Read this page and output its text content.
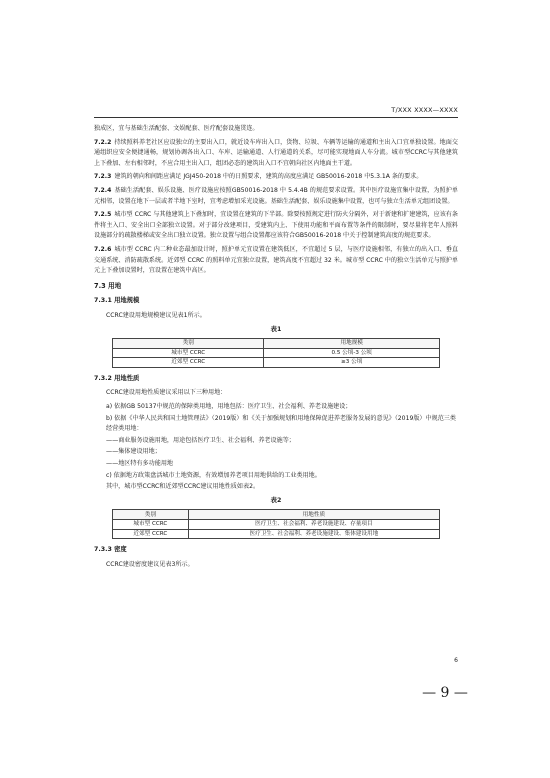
T/XXX XXXX—XXXX

独成区，宜与基础生活配套、文娱配套、医疗配套设施贯连。

7.2.2 持续照料养老社区应设独立的主要出入口，就近设车库出入口，货物、垃圾、车辆等运输的通道和主出入口宜单独设置。地面交通组织应安全便捷通畅，规划协调各出入口、车库、运输通道、人行通道的关系，尽可能实现地面人车分流。城市型CCRC与其他建筑上下叠加、左右相邻时，不应合用主出入口，组团必态的建筑出入口不宜朝向社区内地面主干道。

7.2.3 建筑的朝向和间距应满足 JGJ450-2018 中的日照要求，建筑的高度应满足 GB50016-2018 中5.3.1A 条的要求。

7.2.4 基础生活配套、娱乐设施、医疗设施应按照GB50016-2018 中 5.4.4B 的规范要求设置。其中医疗设施宜集中设置，为照护单元相邻，设置在地下一层或者半地下室时，宜考虑增加采光设施。基础生活配套、娱乐设施集中设置，也可与独立生活单元组团设置。

7.2.5 城市型 CCRC 与其他建筑上下叠加时，宜设置在建筑的下半部。除要按照规定进行防火分隔外，对于新建和扩建建筑，应该有条件将主入口、安全出口全部独立设置。对于部分改建项目，受建筑内上、下使用功能和平面布置等条件的限制时，要尽量将老年人照料设施部分的疏散楼梯或安全出口独立设置。独立设置与组合设置都应该符合GB50016-2018 中关于控制建筑高度的规范要求。

7.2.6 城市型 CCRC 内二种业态最加设计时，照护单元宜设置在建筑低区，不宜超过 5 层，与医疗设施相邻，有独立的出入口、垂直交通系统、消防疏散系统。近郊型 CCRC 的照料单元宜独立设置，建筑高度不宜超过 32 米。城市型 CCRC 中的独立生活单元与照护单元上下叠加设置时，宜设置在建筑中高区。

7.3 用地
7.3.1 用地规模

CCRC建设用地规模建议见表1所示。

表1
类别	用地规模
城市型 CCRC	0.5 公顷-3 公顷
近郊型 CCRC	≥3 公顷
7.3.2 用地性质

CCRC建设用地性质建议采用以下三种用地：

a) 依据GB 50137中规范的保障类用地，用地包括：医疗卫生、社会福利、养老设施建设；
b) 依据《中华人民共和国土地管理法》（2019版）和《关于加强规划和用地保障促进养老服务发展的意见》（2019版）中规范三类经营类用地：
——商业服务设施用地，用途包括医疗卫生、社会福利、养老设施等；
——集体建设用地；
——地区特有多功能用地
c) 依据地方政策盘活城市土地资源，有效增加养老项目用地供给的工业类用地。

其中，城市型CCRC和近郊型CCRC建议用地性质如表2。

表2
类别	用地性质
城市型 CCRC	医疗卫生、社会福利、养老设施建设、存量项目
近郊型 CCRC	医疗卫生、社会福利、养老设施建设、集体建设用地
7.3.3 密度

CCRC建设密度建议见表3所示。

6
— 9 —
